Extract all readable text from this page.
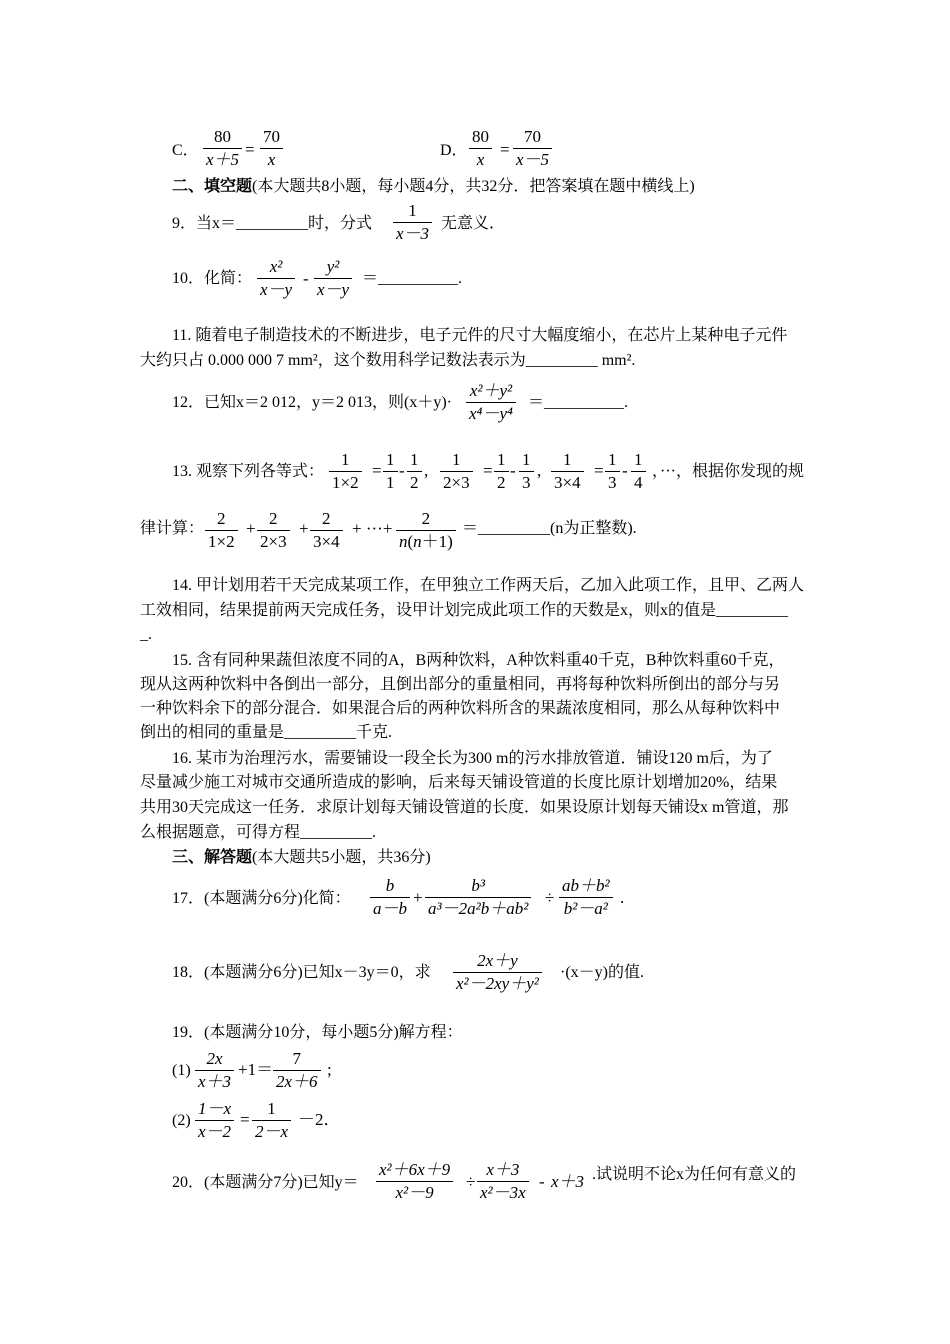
C．
80
x＋5
=
70
x	D．
80
x
=
70
x－5
二、填空题(本大题共8小题，每小题4分，共32分．把答案填在题中横线上)
9．当x＝_________时，分式
1
x－3
无意义．
10．化简：
x²
x－y
-
y²
x－y
＝__________.
11. 随着电子制造技术的不断进步，电子元件的尺寸大幅度缩小，在芯片上某种电子元件
大约只占 0.000 000 7 mm²，这个数用科学记数法表示为_________ mm².
12．已知x＝2 012，y＝2 013，则(x＋y)·
x²＋y²
x⁴－y⁴
＝__________.
13. 观察下列各等式：
1
1×2
=
1
1
-
1
2
,
1
2×3
=
1
2
-
1
3
,
1
3×4
=
1
3
-
1
4
，···，根据你发现的规
律计算：
2
1×2
+
2
2×3
+
2
3×4
+ ···+
2
n(n＋1)
＝_________(n为正整数).
14. 甲计划用若干天完成某项工作，在甲独立工作两天后，乙加入此项工作，且甲、乙两人
工效相同，结果提前两天完成任务，设甲计划完成此项工作的天数是x，则x的值是_________
_.
15. 含有同种果蔬但浓度不同的A，B两种饮料，A种饮料重40千克，B种饮料重60千克，
现从这两种饮料中各倒出一部分，且倒出部分的重量相同，再将每种饮料所倒出的部分与另
一种饮料余下的部分混合．如果混合后的两种饮料所含的果蔬浓度相同，那么从每种饮料中
倒出的相同的重量是_________千克.
16. 某市为治理污水，需要铺设一段全长为300 m的污水排放管道．铺设120 m后，为了
尽量减少施工对城市交通所造成的影响，后来每天铺设管道的长度比原计划增加20%，结果
共用30天完成这一任务．求原计划每天铺设管道的长度．如果设原计划每天铺设x m管道，那
么根据题意，可得方程_________.
三、解答题(本大题共5小题，共36分)
17．(本题满分6分)化简：
b
a－b
+
b³
a³－2a²b＋ab²
÷
ab＋b²
b²－a²
.
18．(本题满分6分)已知x－3y＝0，求
2x＋y
x²－2xy＋y²
·(x－y)的值.
19．(本题满分10分，每小题5分)解方程：
(1)
2x
x＋3
+1＝
7
2x＋6
;
(2)
1－x
x－2
=
1
2－x
－2．
20．(本题满分7分)已知y＝
x²＋6x＋9
x²－9
÷
x＋3
x²－3x
- x＋3 .试说明不论x为任何有意义的
